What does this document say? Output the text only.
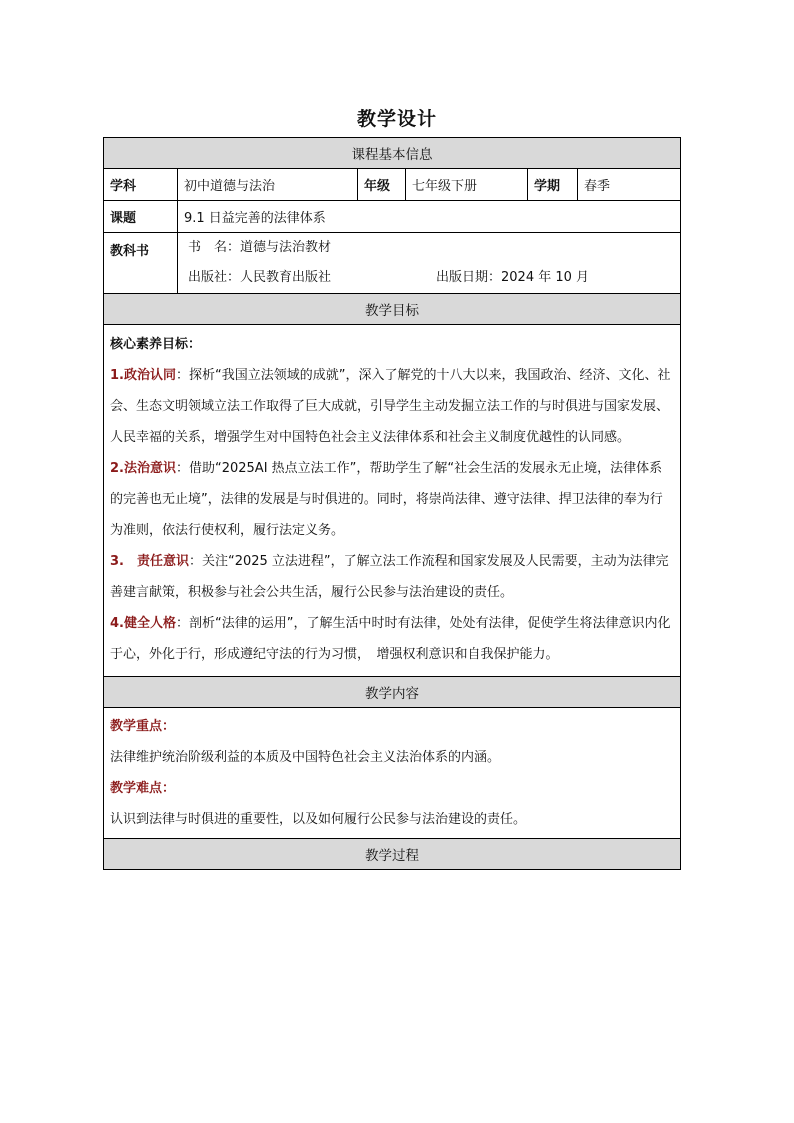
教学设计
课程基本信息					
学科	初中道德与法治	年级	七年级下册	学期	春季
课题	9.1 日益完善的法律体系				
教科书	书　名：道德与法治教材
出版社：人民教育出版社 出版日期：2024 年 10 月				

教学目标					

核心素养目标：

1.政治认同：探析“我国立法领域的成就”，深入了解党的十八大以来，我国政治、经济、文化、社会、生态文明领域立法工作取得了巨大成就，引导学生主动发掘立法工作的与时俱进与国家发展、人民幸福的关系，增强学生对中国特色社会主义法律体系和社会主义制度优越性的认同感。

2.法治意识：借助“2025AI 热点立法工作”，帮助学生了解“社会生活的发展永无止境，法律体系的完善也无止境”，法律的发展是与时俱进的。同时，将崇尚法律、遵守法律、捍卫法律的奉为行为准则，依法行使权利，履行法定义务。

3.　责任意识：关注“2025 立法进程”，了解立法工作流程和国家发展及人民需要，主动为法律完善建言献策，积极参与社会公共生活，履行公民参与法治建设的责任。

4.健全人格：剖析“法律的运用”，了解生活中时时有法律，处处有法律，促使学生将法律意识内化于心，外化于行，形成遵纪守法的行为习惯，　增强权利意识和自我保护能力。					

教学内容					

教学重点：

法律维护统治阶级利益的本质及中国特色社会主义法治体系的内涵。

教学难点：

认识到法律与时俱进的重要性，以及如何履行公民参与法治建设的责任。					

教学过程					
